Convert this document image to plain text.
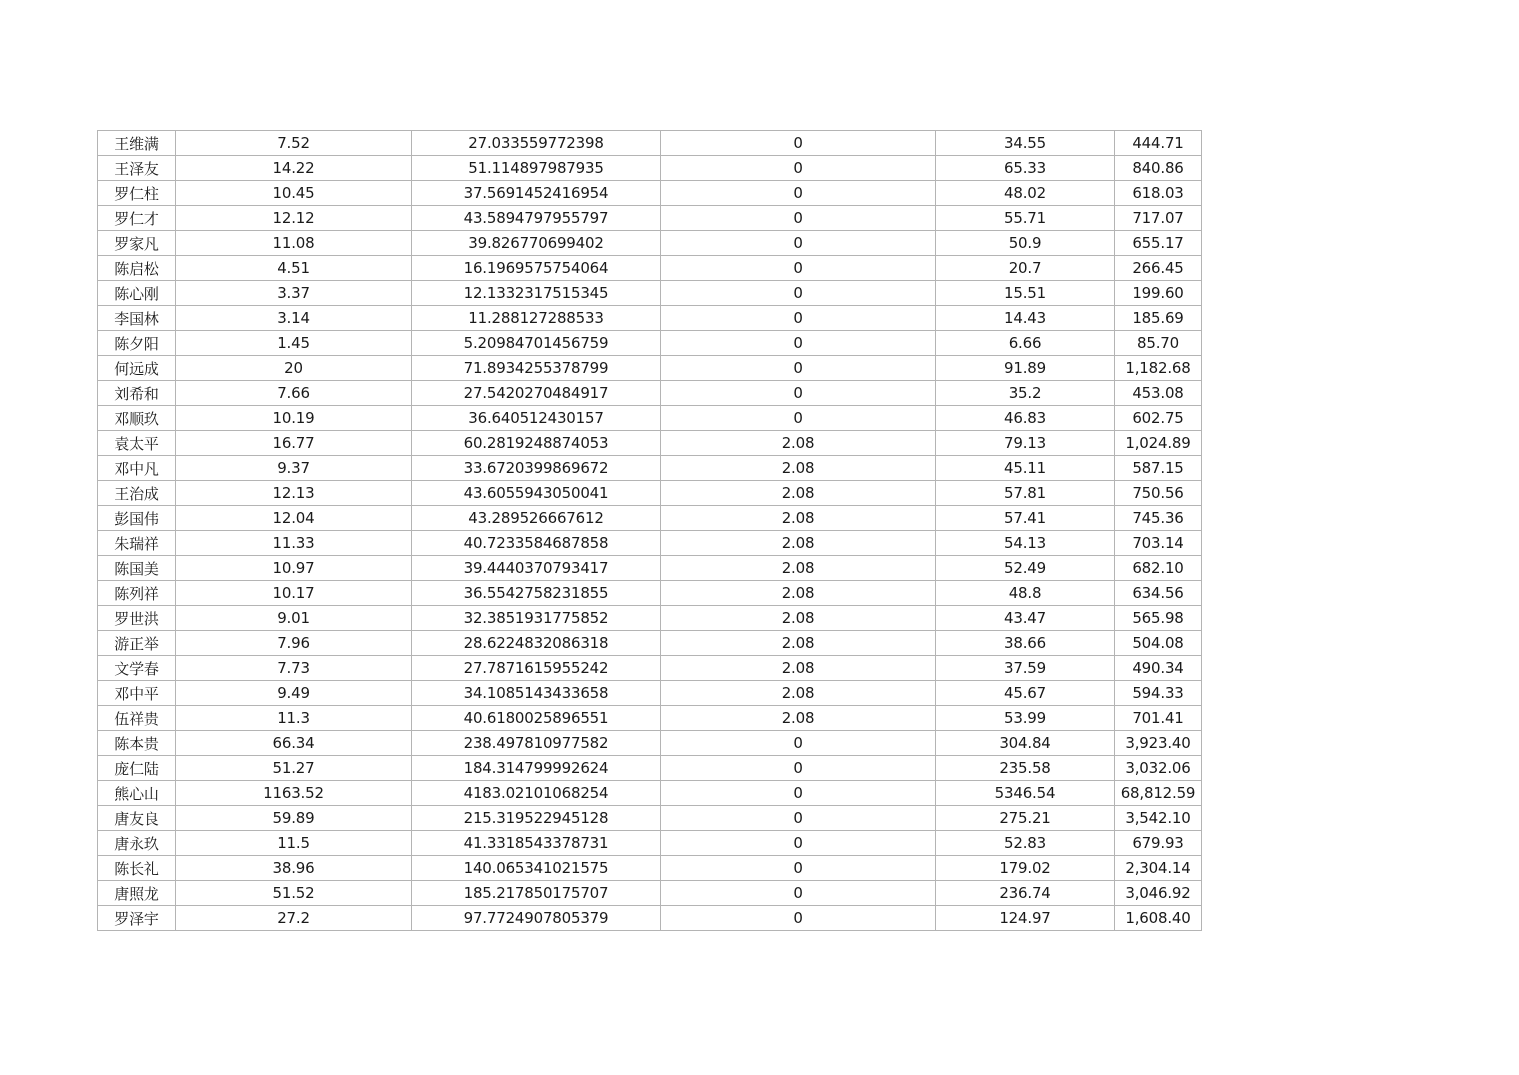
王维满	7.52	27.033559772398	0	34.55	444.71
王泽友	14.22	51.114897987935	0	65.33	840.86
罗仁柱	10.45	37.5691452416954	0	48.02	618.03
罗仁才	12.12	43.5894797955797	0	55.71	717.07
罗家凡	11.08	39.826770699402	0	50.9	655.17
陈启松	4.51	16.1969575754064	0	20.7	266.45
陈心刚	3.37	12.1332317515345	0	15.51	199.60
李国林	3.14	11.288127288533	0	14.43	185.69
陈夕阳	1.45	5.20984701456759	0	6.66	85.70
何远成	20	71.8934255378799	0	91.89	1,182.68
刘希和	7.66	27.5420270484917	0	35.2	453.08
邓顺玖	10.19	36.640512430157	0	46.83	602.75
袁太平	16.77	60.2819248874053	2.08	79.13	1,024.89
邓中凡	9.37	33.6720399869672	2.08	45.11	587.15
王治成	12.13	43.6055943050041	2.08	57.81	750.56
彭国伟	12.04	43.289526667612	2.08	57.41	745.36
朱瑞祥	11.33	40.7233584687858	2.08	54.13	703.14
陈国美	10.97	39.4440370793417	2.08	52.49	682.10
陈列祥	10.17	36.5542758231855	2.08	48.8	634.56
罗世洪	9.01	32.3851931775852	2.08	43.47	565.98
游正举	7.96	28.6224832086318	2.08	38.66	504.08
文学春	7.73	27.7871615955242	2.08	37.59	490.34
邓中平	9.49	34.1085143433658	2.08	45.67	594.33
伍祥贵	11.3	40.6180025896551	2.08	53.99	701.41
陈本贵	66.34	238.497810977582	0	304.84	3,923.40
庞仁陆	51.27	184.314799992624	0	235.58	3,032.06
熊心山	1163.52	4183.02101068254	0	5346.54	68,812.59
唐友良	59.89	215.319522945128	0	275.21	3,542.10
唐永玖	11.5	41.3318543378731	0	52.83	679.93
陈长礼	38.96	140.065341021575	0	179.02	2,304.14
唐照龙	51.52	185.217850175707	0	236.74	3,046.92
罗泽宇	27.2	97.7724907805379	0	124.97	1,608.40
